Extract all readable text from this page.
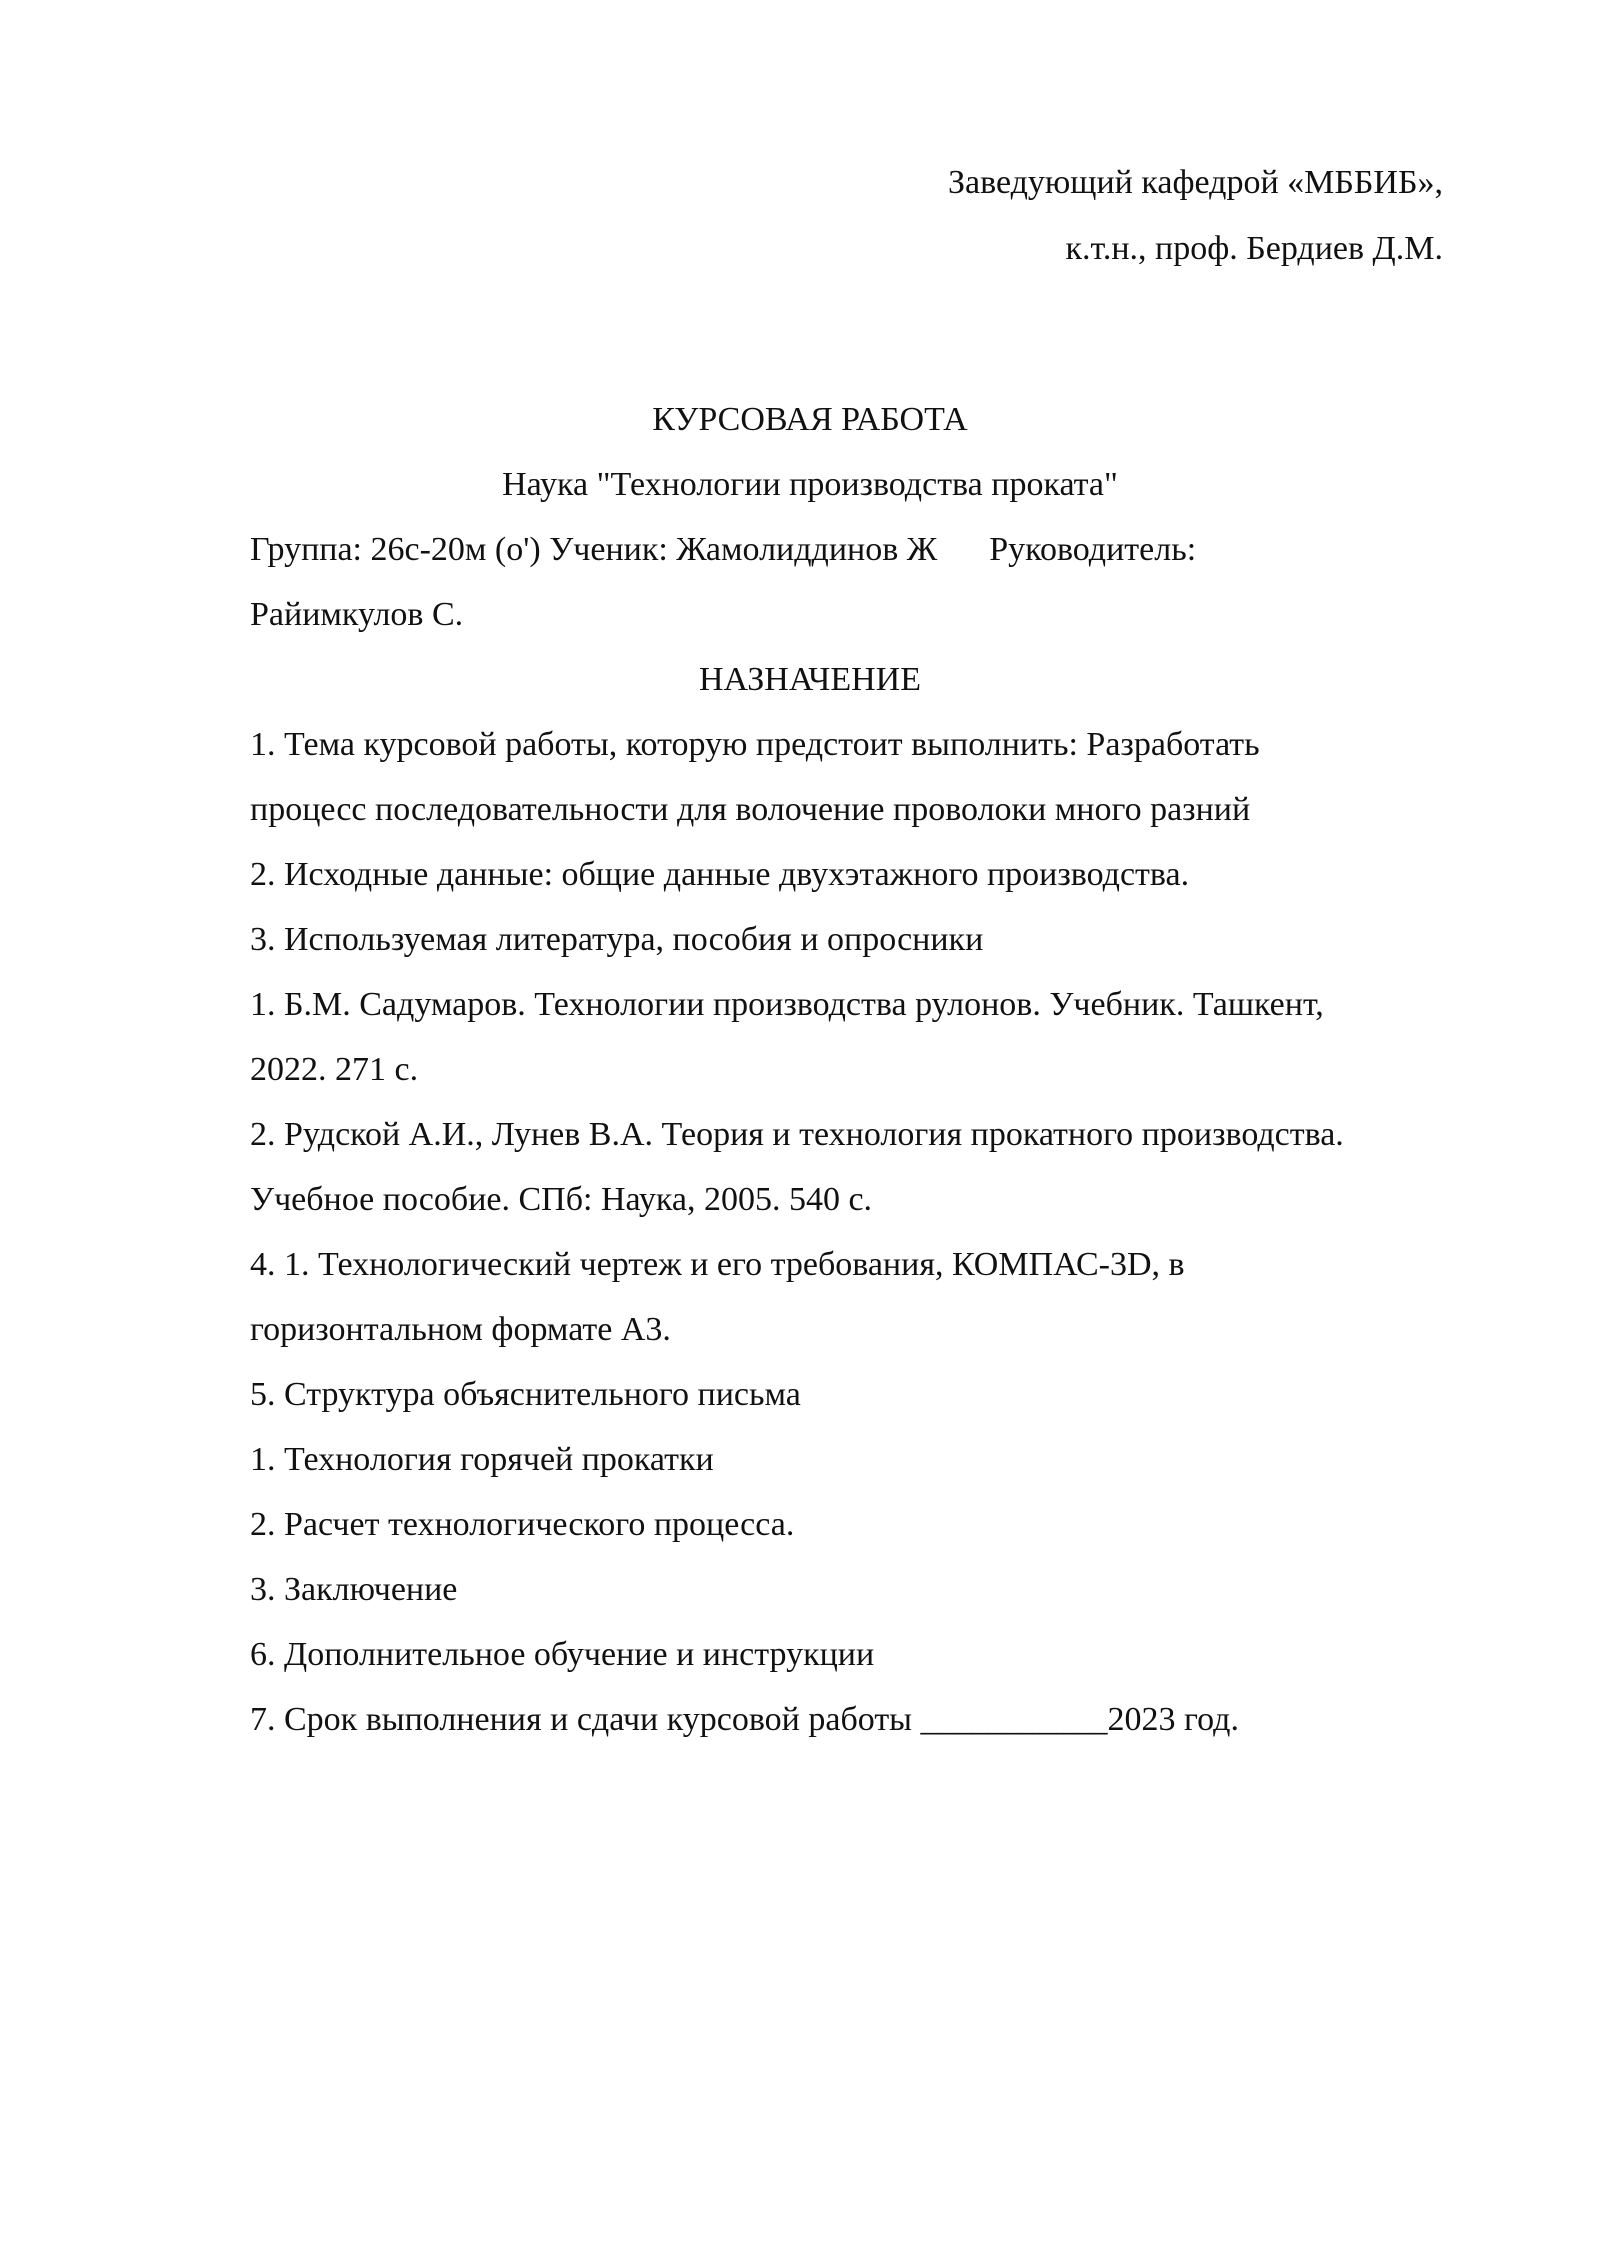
Заведующий кафедрой «МББИБ»,
к.т.н., проф. Бердиев Д.М.
КУРСОВАЯ РАБОТА
Наука "Технологии производства проката"
Группа: 26с-20м (о') Ученик: Жамолиддинов Ж Руководитель:
Райимкулов С.
НАЗНАЧЕНИЕ
1. Тема курсовой работы, которую предстоит выполнить: Разработать
процесс последовательности для волочение проволоки много разний
2. Исходные данные: общие данные двухэтажного производства.
3. Используемая литература, пособия и опросники
1. Б.М. Садумаров. Технологии производства рулонов. Учебник. Ташкент,
2022. 271 с.
2. Рудской А.И., Лунев В.А. Теория и технология прокатного производства.
Учебное пособие. СПб: Наука, 2005. 540 с.
4. 1. Технологический чертеж и его требования, КОМПАС-3D, в
горизонтальном формате А3.
5. Структура объяснительного письма
1. Технология горячей прокатки
2. Расчет технологического процесса.
3. Заключение
6. Дополнительное обучение и инструкции
7. Срок выполнения и сдачи курсовой работы ___________2023 год.
